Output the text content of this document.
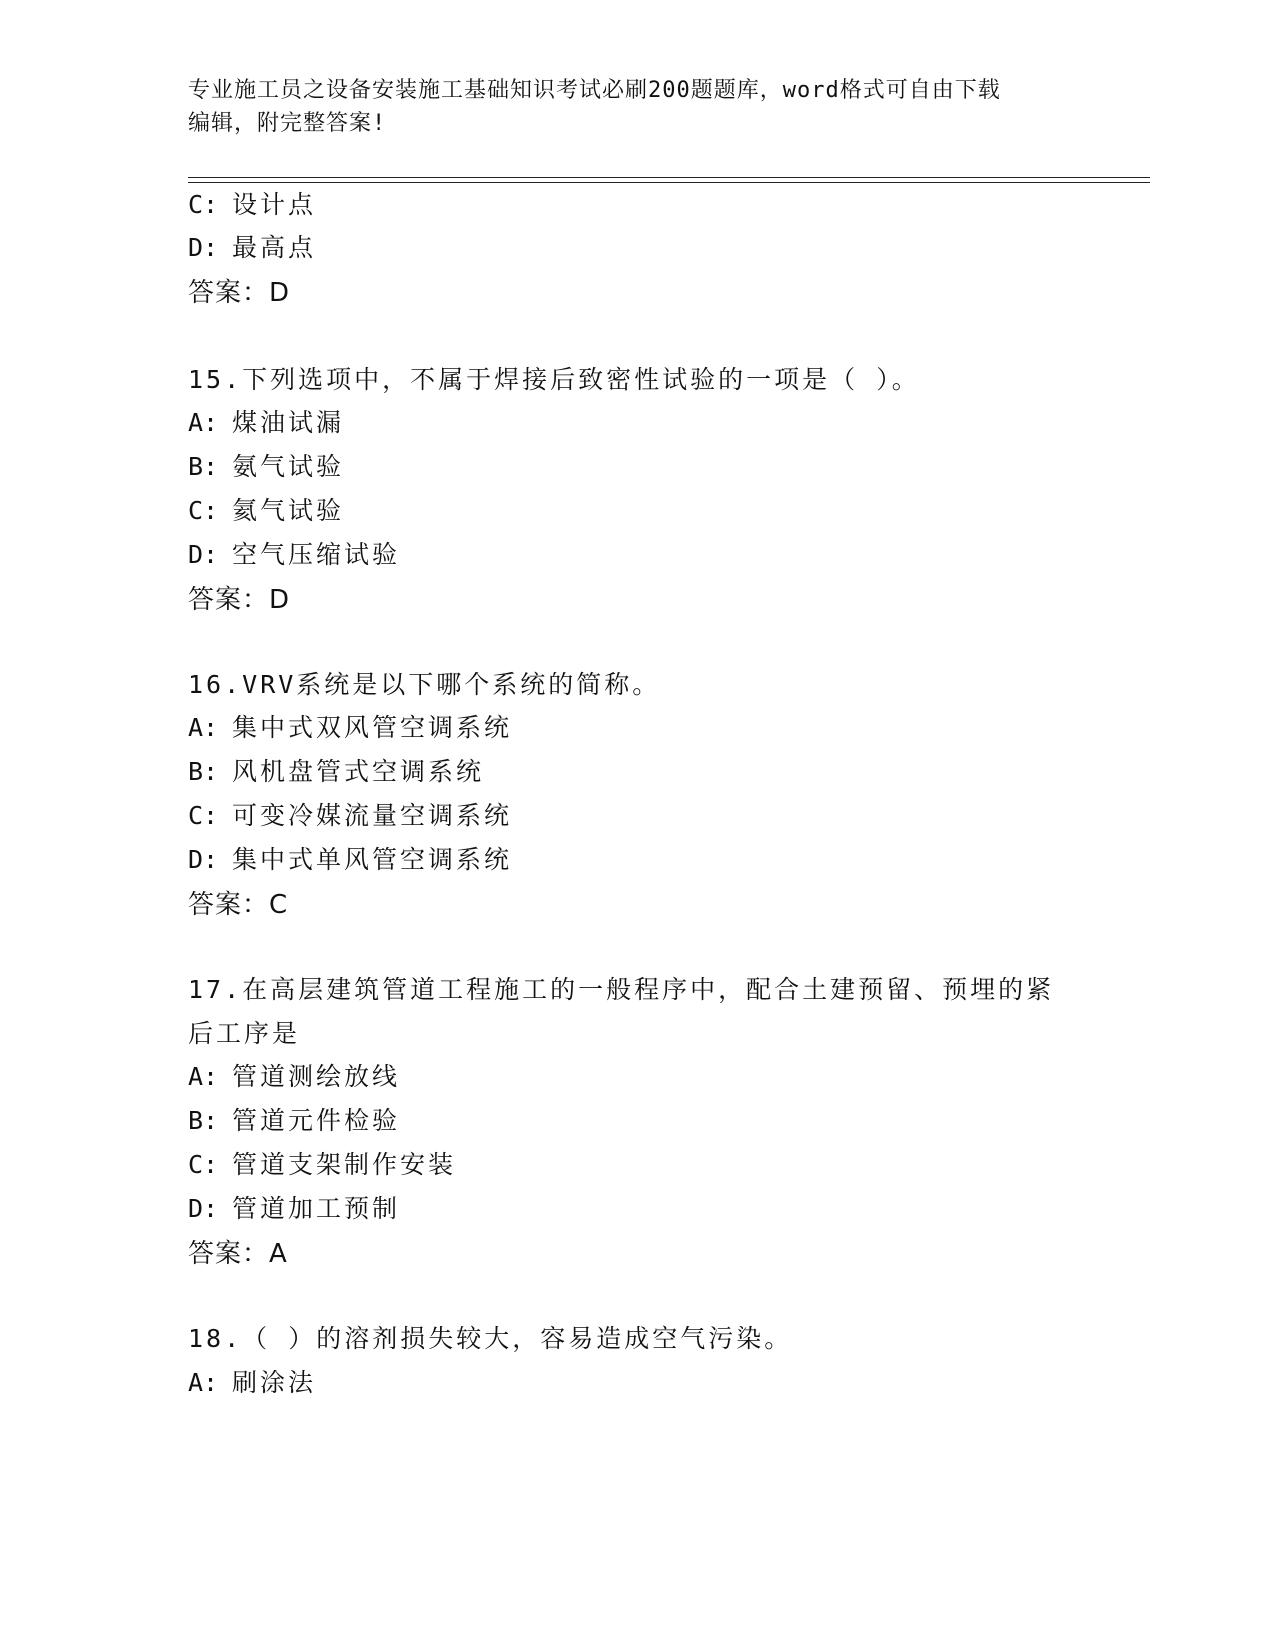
专业施工员之设备安装施工基础知识考试必刷200题题库，word格式可自由下载
编辑，附完整答案!
C: 设计点
D: 最高点
答案：D
15.下列选项中，不属于焊接后致密性试验的一项是（ ）。
A: 煤油试漏
B: 氨气试验
C: 氦气试验
D: 空气压缩试验
答案：D
16.VRV系统是以下哪个系统的简称。
A: 集中式双风管空调系统
B: 风机盘管式空调系统
C: 可变冷媒流量空调系统
D: 集中式单风管空调系统
答案：C
17.在高层建筑管道工程施工的一般程序中，配合土建预留、预埋的紧
后工序是
A: 管道测绘放线
B: 管道元件检验
C: 管道支架制作安装
D: 管道加工预制
答案：A
18.（ ）的溶剂损失较大，容易造成空气污染。
A: 刷涂法
